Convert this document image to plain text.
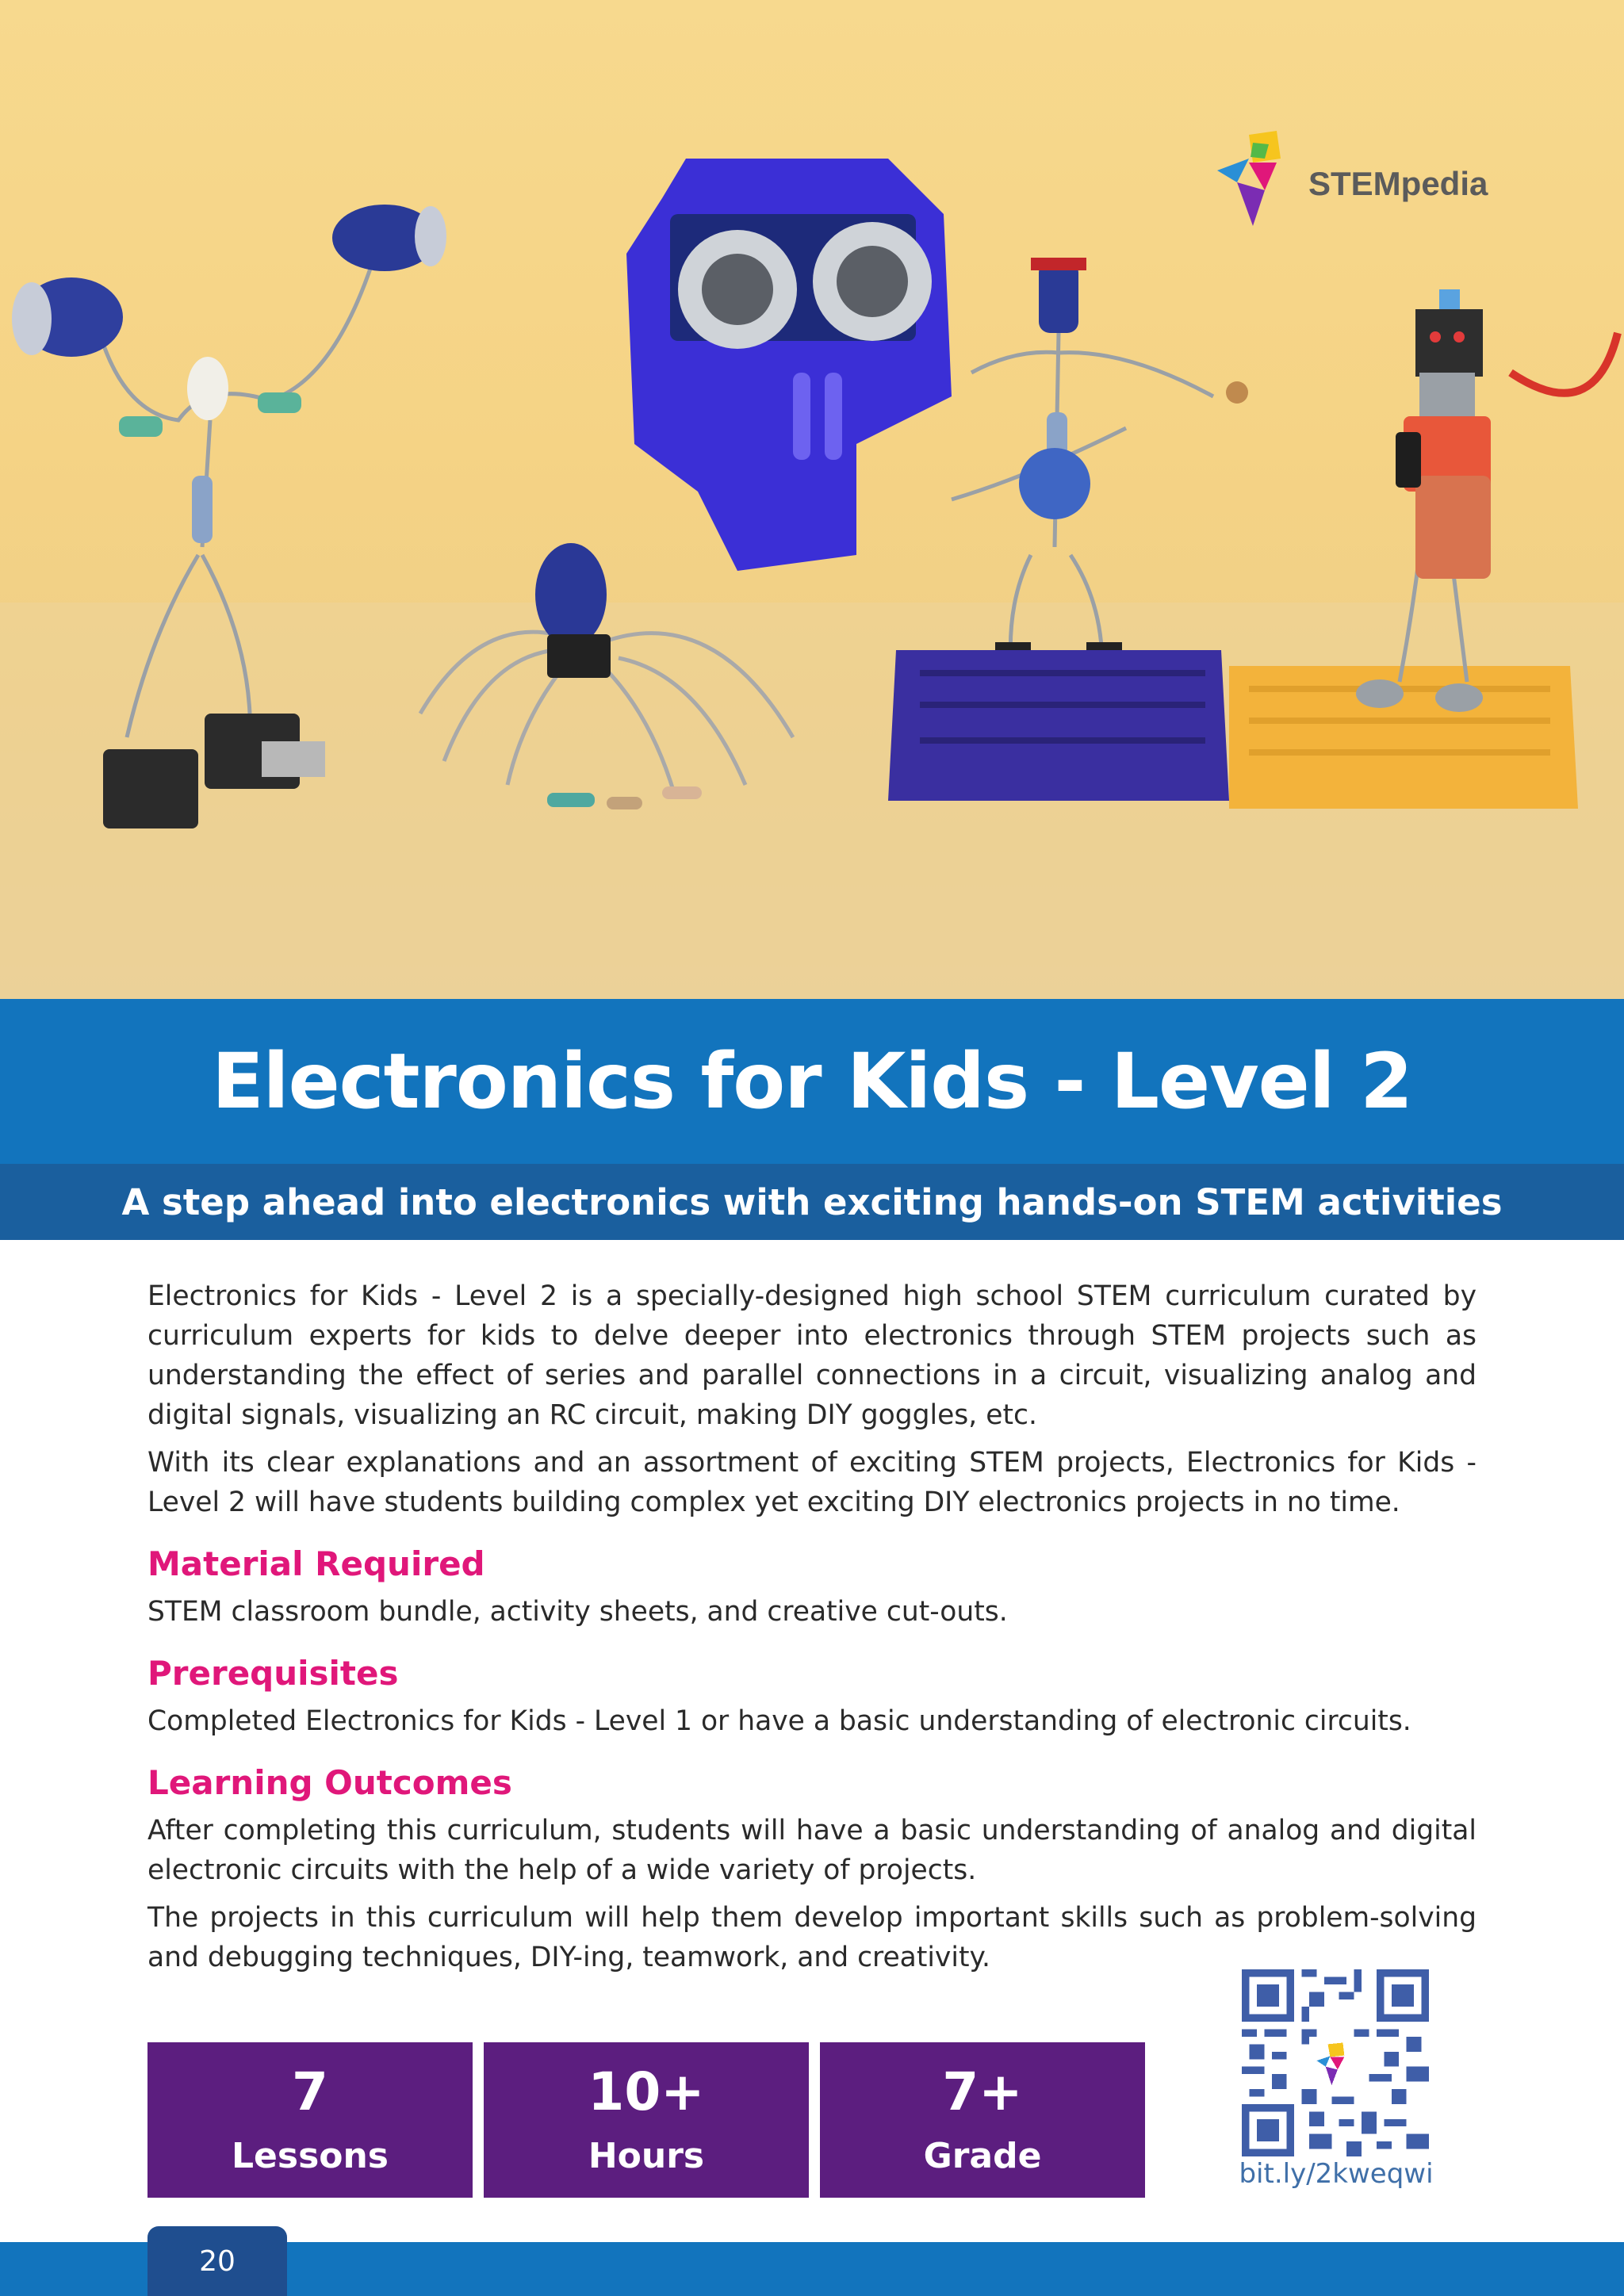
STEMpedia
Electronics for Kids - Level 2
A step ahead into electronics with exciting hands-on STEM activities

Electronics for Kids - Level 2 is a specially-designed high school STEM curriculum curated by curriculum experts for kids to delve deeper into electronics through STEM projects such as understanding the effect of series and parallel connections in a circuit, visualizing analog and digital signals, visualizing an RC circuit, making DIY goggles, etc.

With its clear explanations and an assortment of exciting STEM projects, Electronics for Kids - Level 2 will have students building complex yet exciting DIY electronics projects in no time.

Material Required

STEM classroom bundle, activity sheets, and creative cut-outs.

Prerequisites

Completed Electronics for Kids - Level 1 or have a basic understanding of electronic circuits.

Learning Outcomes

After completing this curriculum, students will have a basic understanding of analog and digital electronic circuits with the help of a wide variety of projects.

The projects in this curriculum will help them develop important skills such as problem-solving and debugging techniques, DIY-ing, teamwork, and creativity.

7
Lessons
10+
Hours
7+
Grade	bit.ly/2kweqwi
20
